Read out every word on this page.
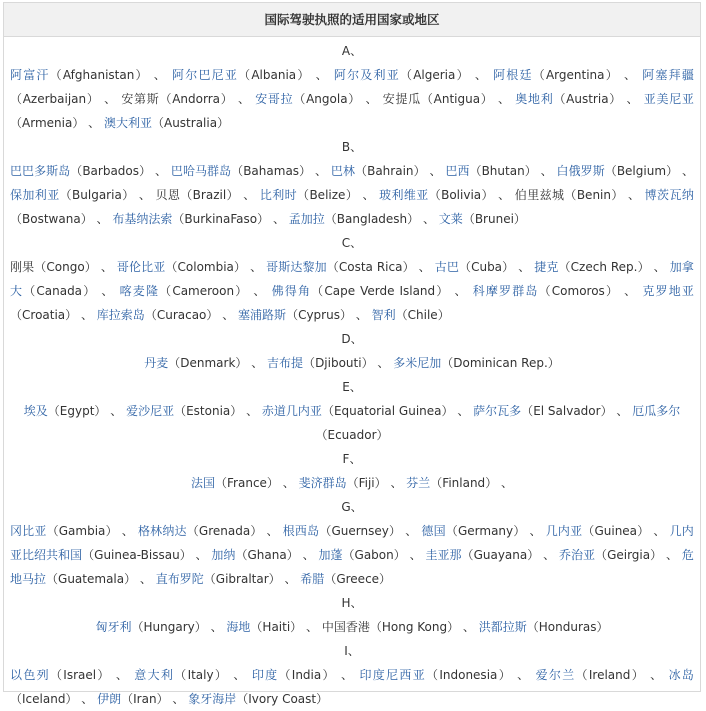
国际驾驶执照的适用国家或地区
A、
阿富汗（Afghanistan） 、 阿尔巴尼亚（Albania） 、 阿尔及利亚（Algeria） 、 阿根廷（Argentina） 、 阿塞拜疆（Azerbaijan） 、 安第斯（Andorra） 、 安哥拉（Angola） 、 安提瓜（Antigua） 、 奥地利（Austria） 、 亚美尼亚（Armenia） 、 澳大利亚（Australia）
B、
巴巴多斯岛（Barbados） 、 巴哈马群岛（Bahamas） 、 巴林（Bahrain） 、 巴西（Bhutan） 、 白俄罗斯（Belgium） 、 保加利亚（Bulgaria） 、 贝恩（Brazil） 、 比利时（Belize） 、 玻利维亚（Bolivia） 、 伯里兹城（Benin） 、 博茨瓦纳（Bostwana） 、 布基纳法索（BurkinaFaso） 、 孟加拉（Bangladesh） 、 文莱（Brunei）
C、
刚果（Congo） 、 哥伦比亚（Colombia） 、 哥斯达黎加（Costa Rica） 、 古巴（Cuba） 、 捷克（Czech Rep.） 、 加拿大（Canada） 、 喀麦隆（Cameroon） 、 佛得角（Cape Verde Island） 、 科摩罗群岛（Comoros） 、 克罗地亚（Croatia） 、 库拉索岛（Curacao） 、 塞浦路斯（Cyprus） 、 智利（Chile）
D、
丹麦（Denmark） 、 吉布提（Djibouti） 、 多米尼加（Dominican Rep.）
E、
埃及（Egypt） 、 爱沙尼亚（Estonia） 、 赤道几内亚（Equatorial Guinea） 、 萨尔瓦多（El Salvador） 、 厄瓜多尔（Ecuador）
F、
法国（France） 、 斐济群岛（Fiji） 、 芬兰（Finland） 、
G、
冈比亚（Gambia） 、 格林纳达（Grenada） 、 根西岛（Guernsey） 、 德国（Germany） 、 几内亚（Guinea） 、 几内亚比绍共和国（Guinea-Bissau） 、 加纳（Ghana） 、 加蓬（Gabon） 、 圭亚那（Guayana） 、 乔治亚（Geirgia） 、 危地马拉（Guatemala） 、 直布罗陀（Gibraltar） 、 希腊（Greece）
H、
匈牙利（Hungary） 、 海地（Haiti） 、 中国香港（Hong Kong） 、 洪都拉斯（Honduras）
I、
以色列（Israel） 、 意大利（Italy） 、 印度（India） 、 印度尼西亚（Indonesia） 、 爱尔兰（Ireland） 、 冰岛（Iceland） 、 伊朗（Iran） 、 象牙海岸（Ivory Coast）
